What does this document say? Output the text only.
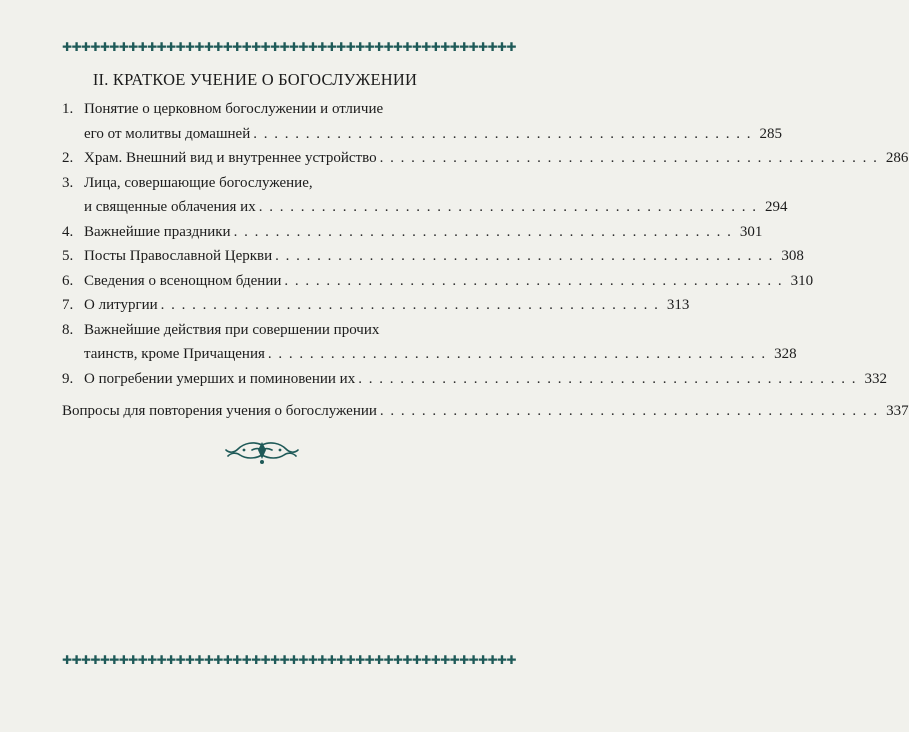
✚✚✚✚✚✚✚✚✚✚✚✚✚✚✚✚✚✚✚✚✚✚✚✚✚✚✚✚✚✚✚✚✚✚✚✚✚✚✚✚✚✚✚✚✚✚✚✚
II. КРАТКОЕ УЧЕНИЕ О БОГОСЛУЖЕНИИ
1. Понятие о церковном богослужении и отличие
его от молитвы домашней . . . . . . . . . . . . . . . . . . . . . . . . . . . . . . . . . . . . . . . . . . . . . . . . 285
2. Храм. Внешний вид и внутреннее устройство . . . . . . . . . . . . . . . . . . . . . . . . . . . . . . . . . . . . . . . . . . . . . . . . 286
3. Лица, совершающие богослужение,
и священные облачения их . . . . . . . . . . . . . . . . . . . . . . . . . . . . . . . . . . . . . . . . . . . . . . . . 294
4. Важнейшие праздники . . . . . . . . . . . . . . . . . . . . . . . . . . . . . . . . . . . . . . . . . . . . . . . . 301
5. Посты Православной Церкви . . . . . . . . . . . . . . . . . . . . . . . . . . . . . . . . . . . . . . . . . . . . . . . . 308
6. Сведения о всенощном бдении . . . . . . . . . . . . . . . . . . . . . . . . . . . . . . . . . . . . . . . . . . . . . . . . 310
7. О литургии . . . . . . . . . . . . . . . . . . . . . . . . . . . . . . . . . . . . . . . . . . . . . . . . 313
8. Важнейшие действия при совершении прочих
таинств, кроме Причащения . . . . . . . . . . . . . . . . . . . . . . . . . . . . . . . . . . . . . . . . . . . . . . . . 328
9. О погребении умерших и поминовении их . . . . . . . . . . . . . . . . . . . . . . . . . . . . . . . . . . . . . . . . . . . . . . . . 332
Вопросы для повторения учения о богослужении . . . . . . . . . . . . . . . . . . . . . . . . . . . . . . . . . . . . . . . . . . . . . . . . 337
✚✚✚✚✚✚✚✚✚✚✚✚✚✚✚✚✚✚✚✚✚✚✚✚✚✚✚✚✚✚✚✚✚✚✚✚✚✚✚✚✚✚✚✚✚✚✚✚
